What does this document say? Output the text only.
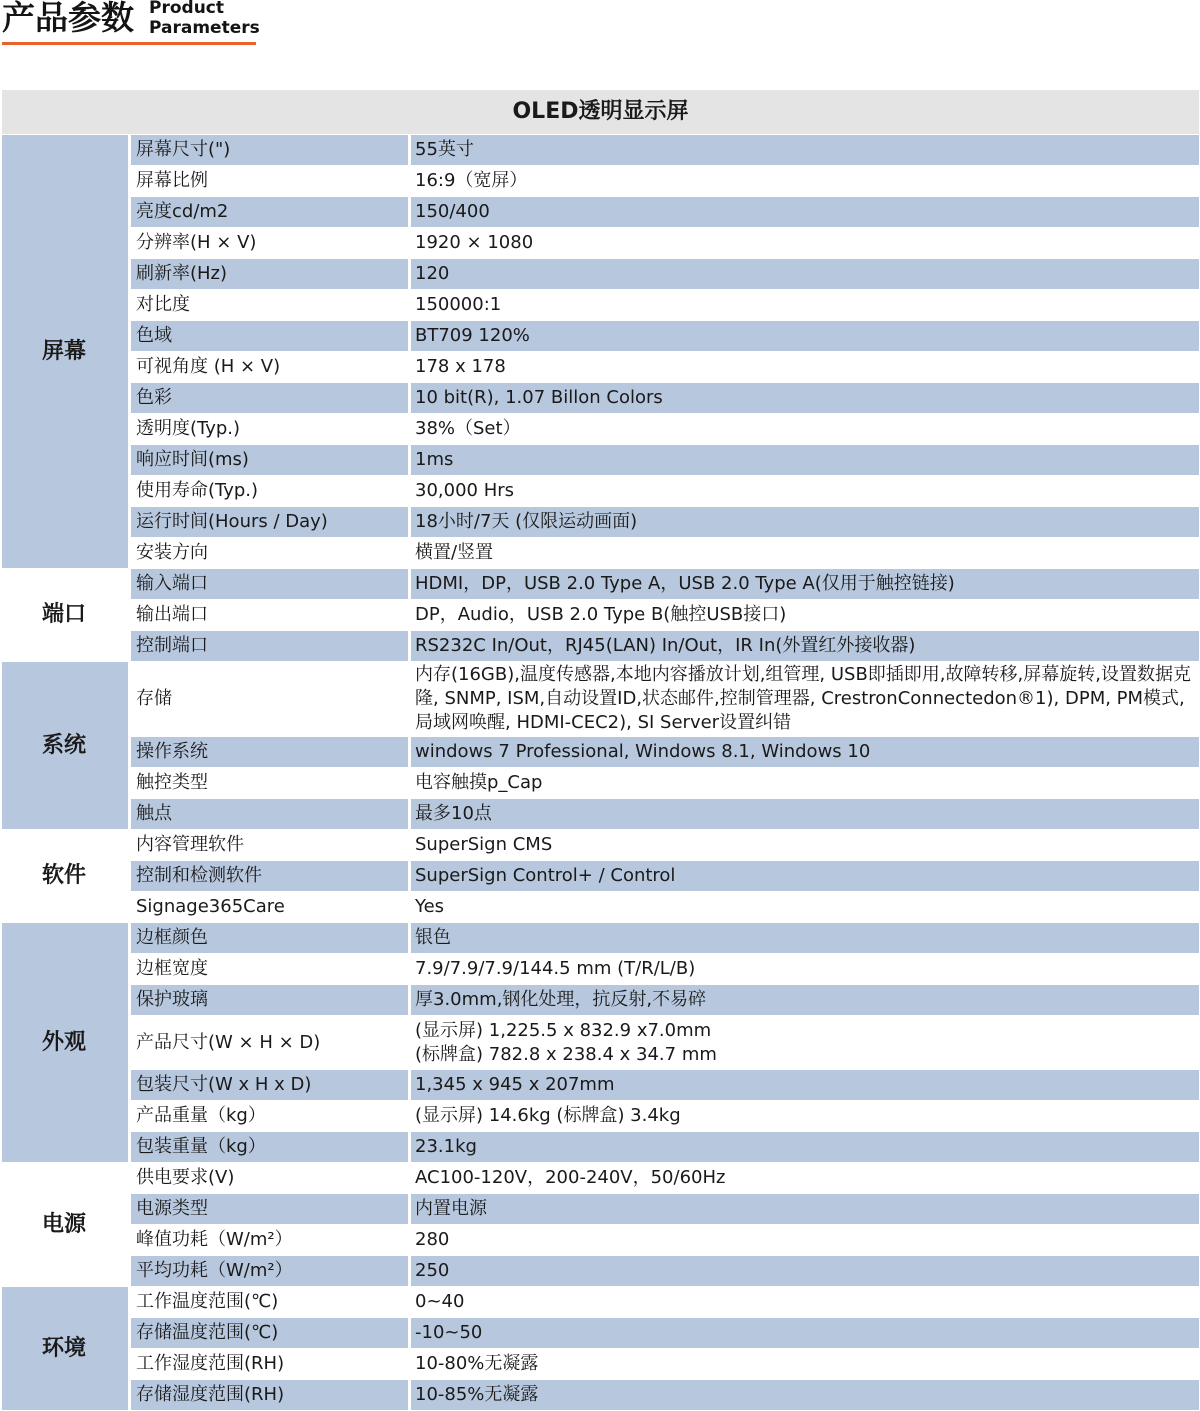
产品参数 Product
Parameters
OLED透明显示屏		
屏幕	屏幕尺寸(")	55英寸
	屏幕比例	16:9（宽屏）
	亮度cd/m2	150/400
	分辨率(H × V)	1920 × 1080
	刷新率(Hz)	120
	对比度	150000:1
	色域	BT709 120%
	可视角度 (H × V)	178 x 178
	色彩	10 bit(R), 1.07 Billon Colors
	透明度(Typ.)	38%（Set）
	响应时间(ms)	1ms
	使用寿命(Typ.)	30,000 Hrs
	运行时间(Hours / Day)	18小时/7天 (仅限运动画面)
	安装方向	横置/竖置
端口	输入端口	HDMI，DP，USB 2.0 Type A，USB 2.0 Type A(仅用于触控链接)
	输出端口	DP，Audio，USB 2.0 Type B(触控USB接口)
	控制端口	RS232C In/Out，RJ45(LAN) In/Out，IR In(外置红外接收器)
系统	存储	内存(16GB),温度传感器,本地内容播放计划,组管理, USB即插即用,故障转移,屏幕旋转,设置数据克隆, SNMP, ISM,自动设置ID,状态邮件,控制管理器, CrestronConnectedon®1), DPM, PM模式,局域网唤醒, HDMI-CEC2), SI Server设置纠错
	操作系统	windows 7 Professional, Windows 8.1, Windows 10
	触控类型	电容触摸p_Cap
	触点	最多10点
软件	内容管理软件	SuperSign CMS
	控制和检测软件	SuperSign Control+ / Control
	Signage365Care	Yes
外观	边框颜色	银色
	边框宽度	7.9/7.9/7.9/144.5 mm (T/R/L/B)
	保护玻璃	厚3.0mm,钢化处理，抗反射,不易碎
	产品尺寸(W × H × D)	(显示屏) 1,225.5 x 832.9 x7.0mm
(标牌盒) 782.8 x 238.4 x 34.7 mm

	包装尺寸(W x H x D)	1,345 x 945 x 207mm
	产品重量（kg）	(显示屏) 14.6kg (标牌盒) 3.4kg
	包装重量（kg）	23.1kg
电源	供电要求(V)	AC100-120V，200-240V，50/60Hz
	电源类型	内置电源
	峰值功耗（W/m²）	280
	平均功耗（W/m²）	250
环境	工作温度范围(℃)	0~40
	存储温度范围(℃)	-10~50
	工作湿度范围(RH)	10-80%无凝露
	存储湿度范围(RH)	10-85%无凝露
